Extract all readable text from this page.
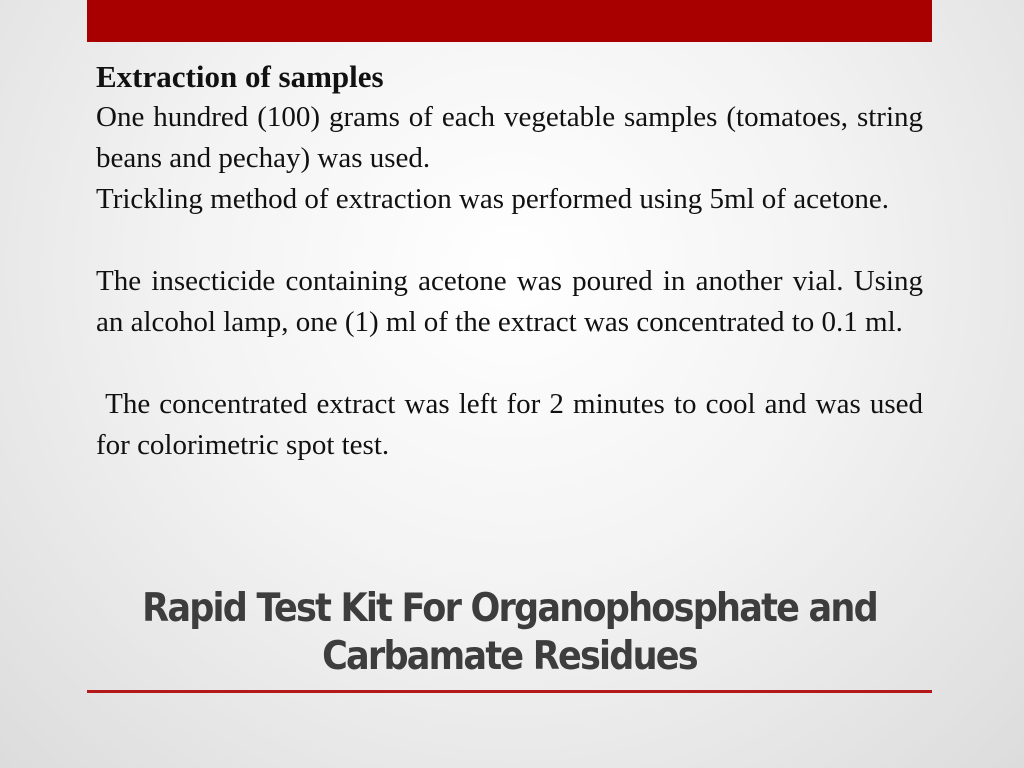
Extraction of samples

One hundred (100) grams of each vegetable samples (tomatoes, string beans and pechay) was used.

Trickling method of extraction was performed using 5ml of acetone.

The insecticide containing acetone was poured in another vial. Using an alcohol lamp, one (1) ml of the extract was concentrated to 0.1 ml.

The concentrated extract was left for 2 minutes to cool and was used for colorimetric spot test.

Rapid Test Kit For Organophosphate and
Carbamate Residues
